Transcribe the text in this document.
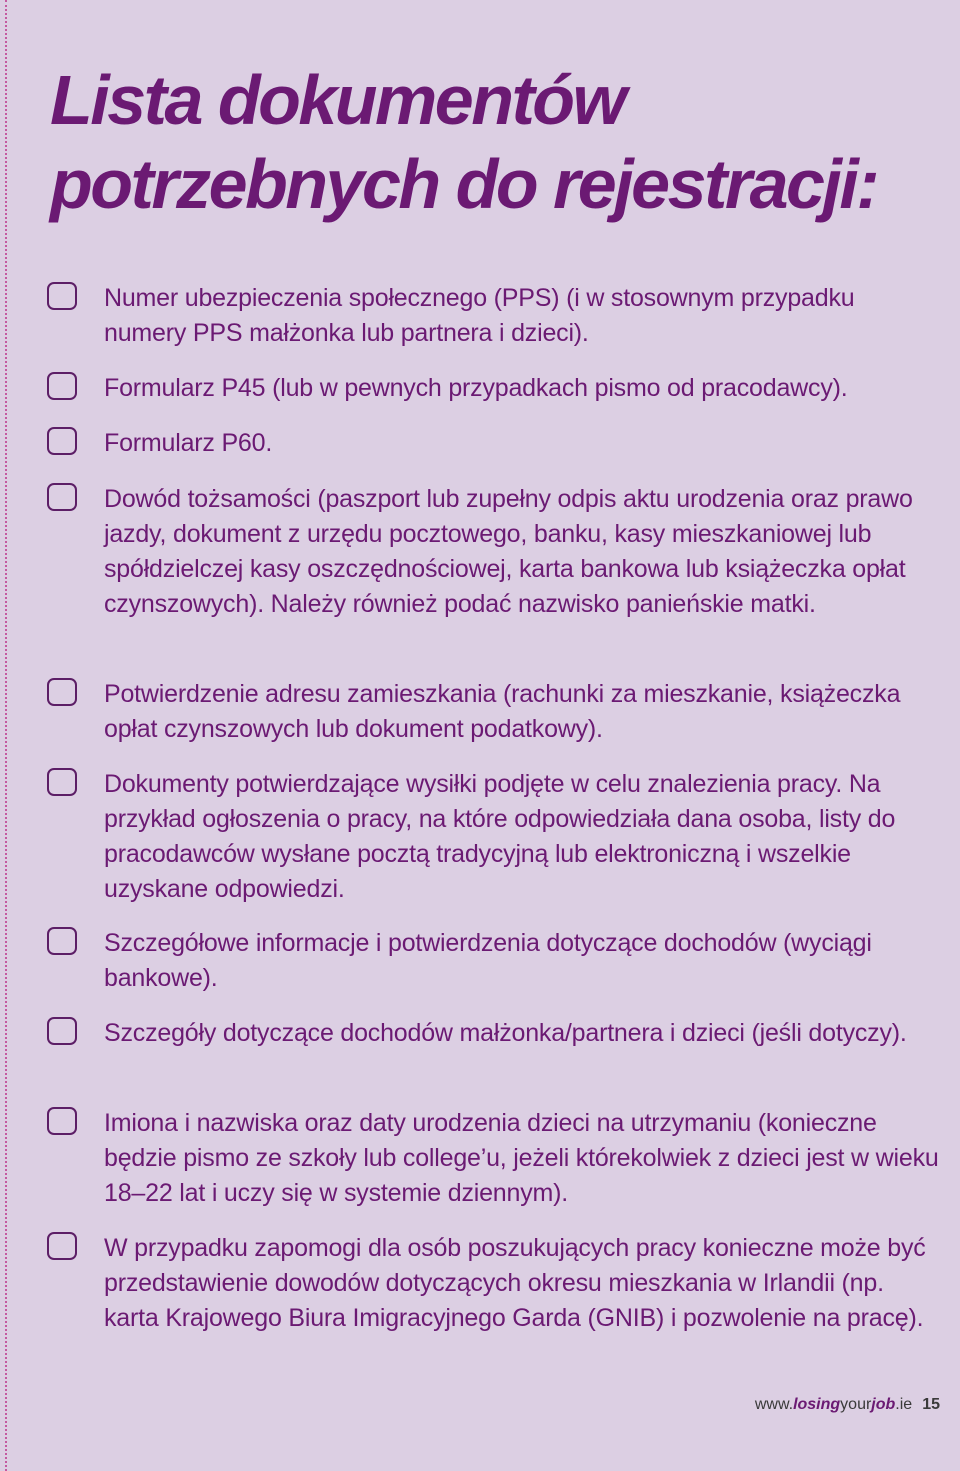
Lista dokumentów
potrzebnych do rejestracji:

Numer ubezpieczenia społecznego (PPS) (i w stosownym przypadku numery PPS małżonka lub partnera i dzieci).

Formularz P45 (lub w pewnych przypadkach pismo od pracodawcy).

Formularz P60.

Dowód tożsamości (paszport lub zupełny odpis aktu urodzenia oraz prawo jazdy, dokument z urzędu pocztowego, banku, kasy mieszkaniowej lub spółdzielczej kasy oszczędnościowej, karta bankowa lub książeczka opłat czynszowych). Należy również podać nazwisko panieńskie matki.

Potwierdzenie adresu zamieszkania (rachunki za mieszkanie, książeczka opłat czynszowych lub dokument podatkowy).

Dokumenty potwierdzające wysiłki podjęte w celu znalezienia pracy. Na przykład ogłoszenia o pracy, na które odpowiedziała dana osoba, listy do pracodawców wysłane pocztą tradycyjną lub elektroniczną i wszelkie uzyskane odpowiedzi.

Szczegółowe informacje i potwierdzenia dotyczące dochodów (wyciągi bankowe).

Szczegóły dotyczące dochodów małżonka/partnera i dzieci (jeśli dotyczy).

Imiona i nazwiska oraz daty urodzenia dzieci na utrzymaniu (konieczne będzie pismo ze szkoły lub college’u, jeżeli którekolwiek z dzieci jest w wieku 18–22 lat i uczy się w systemie dziennym).

W przypadku zapomogi dla osób poszukujących pracy konieczne może być przedstawienie dowodów dotyczących okresu mieszkania w Irlandii (np. karta Krajowego Biura Imigracyjnego Garda (GNIB) i pozwolenie na pracę).

www.losingyourjob.ie 15
